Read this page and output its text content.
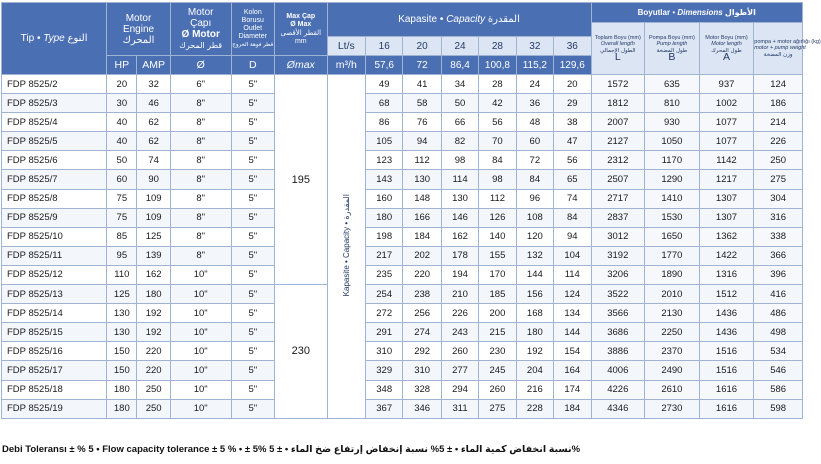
Tip • Type النوع	Motor
Engine
المحرك		Motor
Çapı
Ø Motor
قطر المحرك	Kolon
Borusu
Outlet
Diameter
قطر فوهة الخروج	Max Çap
Ø Max
القطر الأقصى
mm	Kapasite • Capacity المقدرة							Boyutlar • Dimensions الأطوال			
													Toplam Boyu (mm)
Overall length
الطول الإجمالي
L	Pompa Boyu (mm)
Pump length
طول المضخة
B	Motor Boyu (mm)
Motor length
طول المحرك
A	pompa + motor ağırlığı (kg)
motor + pump weight
وزن المضخة
						Lt/s	16	20	24	28	32	36				
	HP	AMP	Ø	D	Ømax	m³/h	57,6	72	86,4	100,8	115,2	129,6				
FDP 8525/2	20	32	6"	5"	195	Kapasite • Capacity • المقدرة	49	41	34	28	24	20	1572	635	937	124
FDP 8525/3	30	46	8"	5"			68	58	50	42	36	29	1812	810	1002	186
FDP 8525/4	40	62	8"	5"			86	76	66	56	48	38	2007	930	1077	214
FDP 8525/5	40	62	8"	5"			105	94	82	70	60	47	2127	1050	1077	226
FDP 8525/6	50	74	8"	5"			123	112	98	84	72	56	2312	1170	1142	250
FDP 8525/7	60	90	8"	5"			143	130	114	98	84	65	2507	1290	1217	275
FDP 8525/8	75	109	8"	5"			160	148	130	112	96	74	2717	1410	1307	304
FDP 8525/9	75	109	8"	5"			180	166	146	126	108	84	2837	1530	1307	316
FDP 8525/10	85	125	8"	5"			198	184	162	140	120	94	3012	1650	1362	338
FDP 8525/11	95	139	8"	5"			217	202	178	155	132	104	3192	1770	1422	366
FDP 8525/12	110	162	10"	5"			235	220	194	170	144	114	3206	1890	1316	396
FDP 8525/13	125	180	10"	5"	230		254	238	210	185	156	124	3522	2010	1512	416
FDP 8525/14	130	192	10"	5"			272	256	226	200	168	134	3566	2130	1436	486
FDP 8525/15	130	192	10"	5"			291	274	243	215	180	144	3686	2250	1436	498
FDP 8525/16	150	220	10"	5"			310	292	260	230	192	154	3886	2370	1516	534
FDP 8525/17	150	220	10"	5"			329	310	277	245	204	164	4006	2490	1516	546
FDP 8525/18	180	250	10"	5"			348	328	294	260	216	174	4226	2610	1616	586
FDP 8525/19	180	250	10"	5"			367	346	311	275	228	184	4346	2730	1616	598
Debi Toleransı ± % 5 • Flow capacity tolerance ± 5 % • ± 5% نسبة انخفاض كمية الماء • ± 5% نسبة إنخفاض إرتفاع ضخ الماء • ± 5%
